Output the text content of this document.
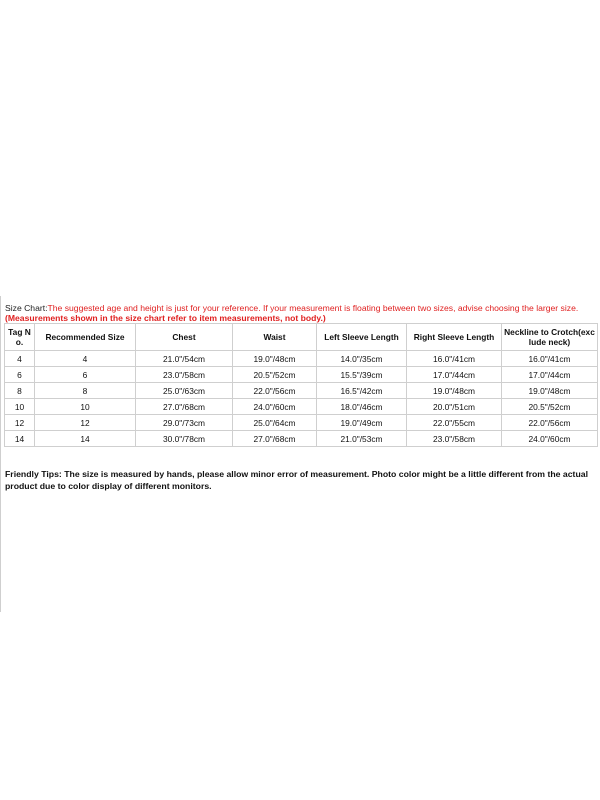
Size Chart:The suggested age and height is just for your reference. If your measurement is floating between two sizes, advise choosing the larger size.
(Measurements shown in the size chart refer to item measurements, not body.)
Tag N o.	Recommended Size	Chest	Waist	Left Sleeve Length	Right Sleeve Length	Neckline to Crotch(exc lude neck)
4	4	21.0"/54cm	19.0"/48cm	14.0"/35cm	16.0"/41cm	16.0"/41cm
6	6	23.0"/58cm	20.5"/52cm	15.5"/39cm	17.0"/44cm	17.0"/44cm
8	8	25.0"/63cm	22.0"/56cm	16.5"/42cm	19.0"/48cm	19.0"/48cm
10	10	27.0"/68cm	24.0"/60cm	18.0"/46cm	20.0"/51cm	20.5"/52cm
12	12	29.0"/73cm	25.0"/64cm	19.0"/49cm	22.0"/55cm	22.0"/56cm
14	14	30.0"/78cm	27.0"/68cm	21.0"/53cm	23.0"/58cm	24.0"/60cm
Friendly Tips: The size is measured by hands, please allow minor error of measurement. Photo color might be a little different from the actual product due to color display of different monitors.
